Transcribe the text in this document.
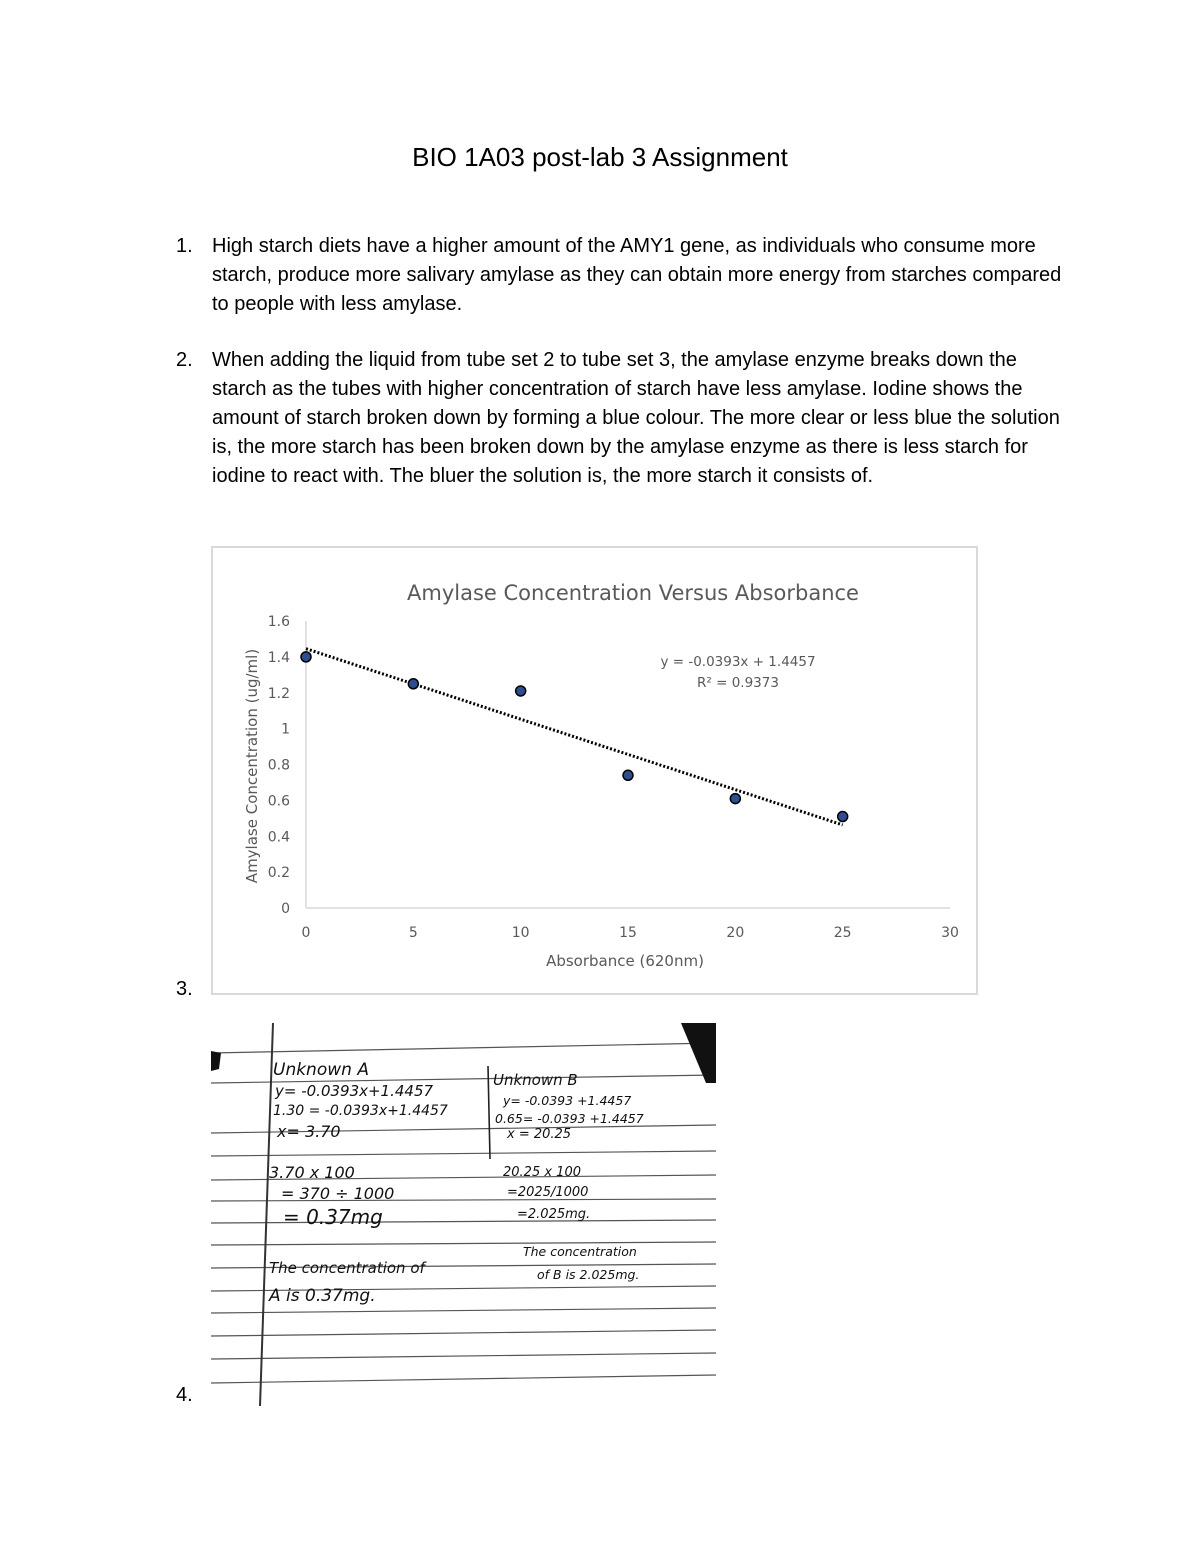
BIO 1A03 post-lab 3 Assignment
1. High starch diets have a higher amount of the AMY1 gene, as individuals who consume more starch, produce more salivary amylase as they can obtain more energy from starches compared to people with less amylase.
2. When adding the liquid from tube set 2 to tube set 3, the amylase enzyme breaks down the starch as the tubes with higher concentration of starch have less amylase. Iodine shows the amount of starch broken down by forming a blue colour. The more clear or less blue the solution is, the more starch has been broken down by the amylase enzyme as there is less starch for iodine to react with. The bluer the solution is, the more starch it consists of.
Amylase Concentration Versus Absorbance
0	5	10	15	20	25	30
0
0.2
0.4
0.6
0.8
1
1.2
1.4
1.6
y = -0.0393x + 1.4457
R² = 0.9373
Absorbance (620nm)
Amylase Concentration (ug/ml)
3.
Unknown A
y= -0.0393x+1.4457
1.30 = -0.0393x+1.4457
x= 3.70
3.70 x 100
= 370 ÷ 1000
= 0.37mg
The concentration of
A is 0.37mg.
Unknown B
y= -0.0393 +1.4457
0.65= -0.0393 +1.4457
x = 20.25
20.25 x 100
=2025/1000
=2.025mg.
The concentration
of B is 2.025mg.
4.
